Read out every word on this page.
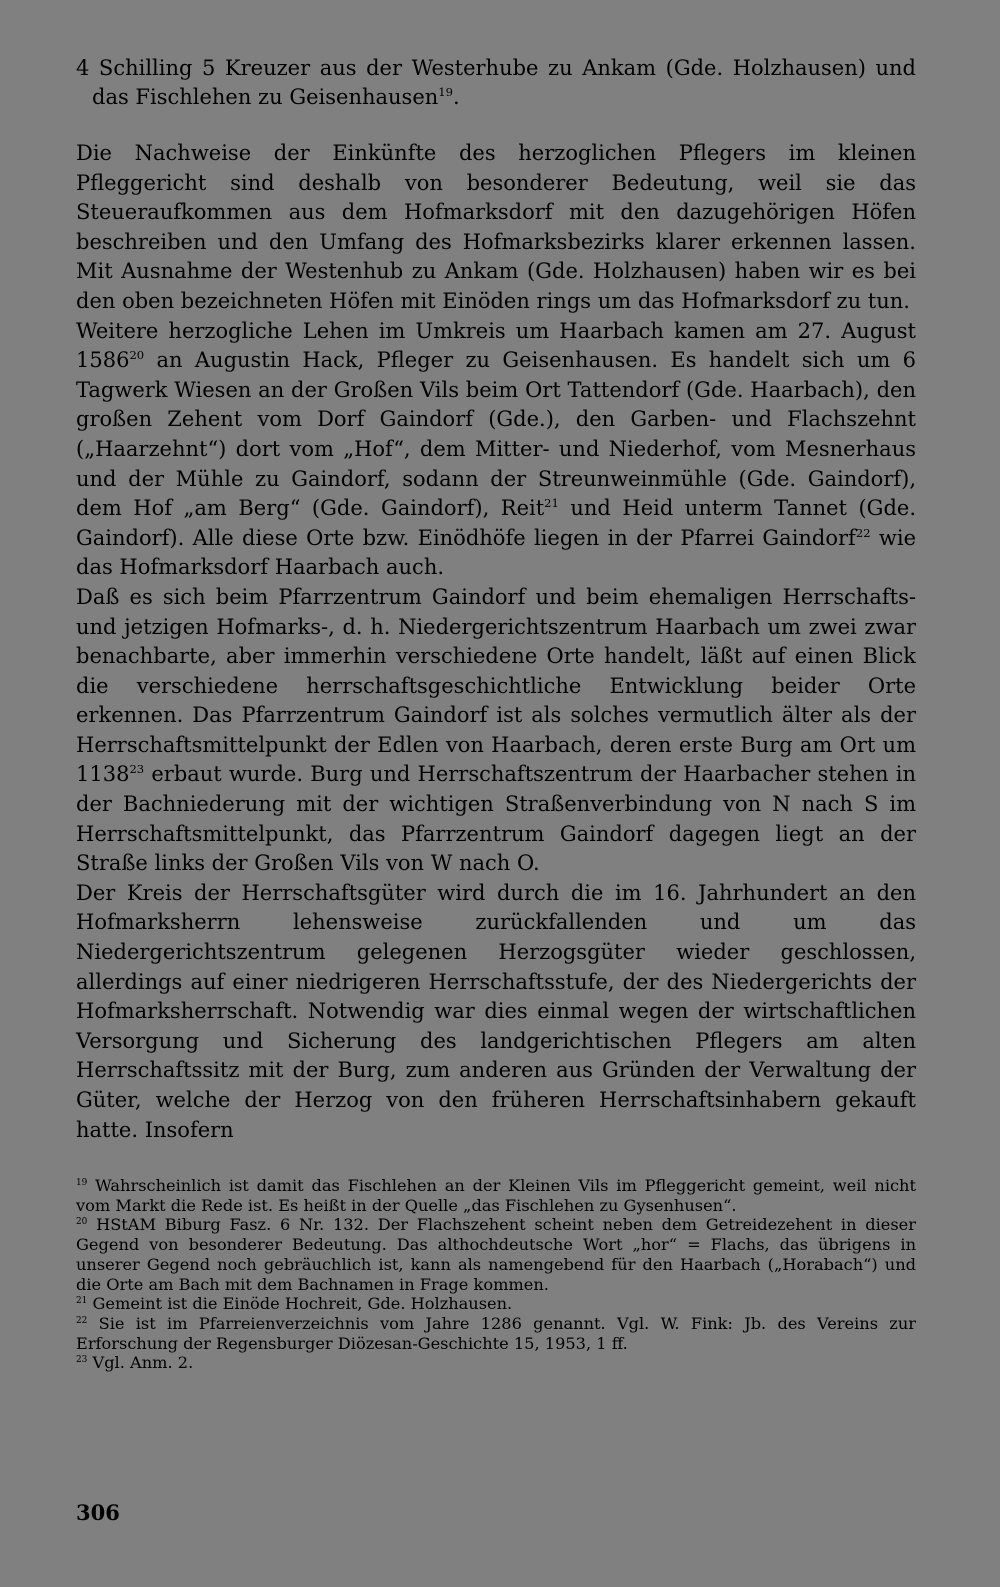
4 Schilling 5 Kreuzer aus der Westerhube zu Ankam (Gde. Holzhausen) und das Fischlehen zu Geisenhausen$^{19}$.

Die Nachweise der Einkünfte des herzoglichen Pflegers im kleinen Pfleggericht sind deshalb von besonderer Bedeutung, weil sie das Steueraufkommen aus dem Hofmarksdorf mit den dazugehörigen Höfen beschreiben und den Umfang des Hofmarksbezirks klarer erkennen lassen. Mit Ausnahme der Westenhub zu Ankam (Gde. Holzhausen) haben wir es bei den oben bezeichneten Höfen mit Einöden rings um das Hofmarksdorf zu tun.

Weitere herzogliche Lehen im Umkreis um Haarbach kamen am 27. August 1586$^{20}$ an Augustin Hack, Pfleger zu Geisenhausen. Es handelt sich um 6 Tagwerk Wiesen an der Großen Vils beim Ort Tattendorf (Gde. Haarbach), den großen Zehent vom Dorf Gaindorf (Gde.), den Garben- und Flachszehnt („Haarzehnt“) dort vom „Hof“, dem Mitter- und Niederhof, vom Mesnerhaus und der Mühle zu Gaindorf, sodann der Streunweinmühle (Gde. Gaindorf), dem Hof „am Berg“ (Gde. Gaindorf), Reit$^{21}$ und Heid unterm Tannet (Gde. Gaindorf). Alle diese Orte bzw. Einödhöfe liegen in der Pfarrei Gaindorf$^{22}$ wie das Hofmarksdorf Haarbach auch.

Daß es sich beim Pfarrzentrum Gaindorf und beim ehemaligen Herrschafts- und jetzigen Hofmarks-, d. h. Niedergerichtszentrum Haarbach um zwei zwar benachbarte, aber immerhin verschiedene Orte handelt, läßt auf einen Blick die verschiedene herrschaftsgeschichtliche Entwicklung beider Orte erkennen. Das Pfarrzentrum Gaindorf ist als solches vermutlich älter als der Herrschaftsmittelpunkt der Edlen von Haarbach, deren erste Burg am Ort um 1138$^{23}$ erbaut wurde. Burg und Herrschaftszentrum der Haarbacher stehen in der Bachniederung mit der wichtigen Straßenverbindung von N nach S im Herrschaftsmittelpunkt, das Pfarrzentrum Gaindorf dagegen liegt an der Straße links der Großen Vils von W nach O.

Der Kreis der Herrschaftsgüter wird durch die im 16. Jahrhundert an den Hofmarksherrn lehensweise zurückfallenden und um das Niedergerichtszentrum gelegenen Herzogsgüter wieder geschlossen, allerdings auf einer niedrigeren Herrschaftsstufe, der des Niedergerichts der Hofmarksherrschaft. Notwendig war dies einmal wegen der wirtschaftlichen Versorgung und Sicherung des landgerichtischen Pflegers am alten Herrschaftssitz mit der Burg, zum anderen aus Gründen der Verwaltung der Güter, welche der Herzog von den früheren Herrschaftsinhabern gekauft hatte. Insofern

$^{19}$ Wahrscheinlich ist damit das Fischlehen an der Kleinen Vils im Pfleggericht gemeint, weil nicht vom Markt die Rede ist. Es heißt in der Quelle „das Fischlehen zu Gysenhusen“.

$^{20}$ HStAM Biburg Fasz. 6 Nr. 132. Der Flachszehent scheint neben dem Getreidezehent in dieser Gegend von besonderer Bedeutung. Das althochdeutsche Wort „hor“ = Flachs, das übrigens in unserer Gegend noch gebräuchlich ist, kann als namengebend für den Haarbach („Horabach“) und die Orte am Bach mit dem Bachnamen in Frage kommen.

$^{21}$ Gemeint ist die Einöde Hochreit, Gde. Holzhausen.

$^{22}$ Sie ist im Pfarreienverzeichnis vom Jahre 1286 genannt. Vgl. W. Fink: Jb. des Vereins zur Erforschung der Regensburger Diözesan-Geschichte 15, 1953, 1 ff.

$^{23}$ Vgl. Anm. 2.

306
